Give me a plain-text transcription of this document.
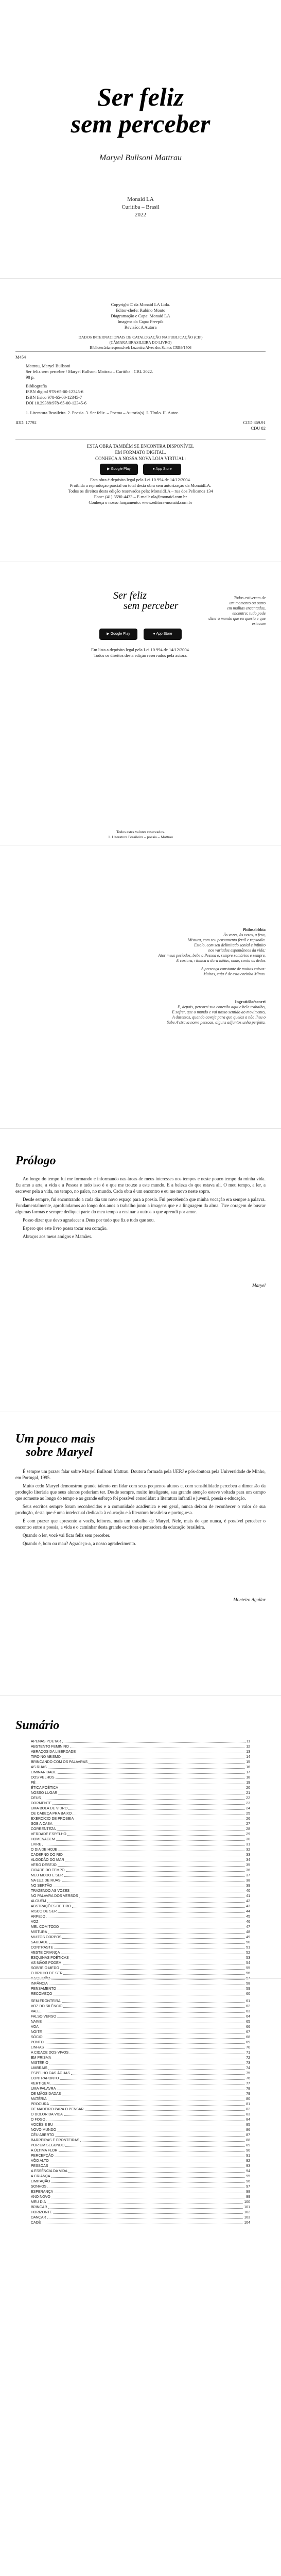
Ser feliz
sem perceber
Maryel Bullsoni Mattrau
Monaid LA
Curitiba – Brasil
2022
Copyright © da Monaid LA Ltda.
Editor-chefe: Rubino Monto
Diagramação e Capa: Monaid LA
Imagens da Capa: Freepik
Revisão: A Autora
DADOS INTERNACIONAIS DE CATALOGAÇÃO NA PUBLICAÇÃO (CIP)
(CÂMARA BRASILEIRA DO LIVRO)
Bibliotecária responsável: Luzenira Alves dos Santos CRB9/1506
M454
Mattrau, Maryel Bullsoni
Ser feliz sem perceber / Maryel Bullsoni Mattrau – Curitiba : CBL 2022.
98 p.
Bibliografia
ISBN digital 978-65-00-12345-6
ISBN físico 978-65-00-12345-7
DOI 10.29388/978-65-00-12345-6
1. Literatura Brasileira. 2. Poesia. 3. Ser feliz. – Poema – Autoria(s). I. Título. II. Autor.
IDD: 17792	CDD 869.91
CDU 82
ESTA OBRA TAMBÉM SE ENCONTRA DISPONÍVEL
EM FORMATO DIGITAL.
CONHEÇA A NOSSA NOVA LOJA VIRTUAL:
▶ Google Play	● App Store
Esta obra é depósito legal pela Lei 10.994 de 14/12/2004.
Proibida a reprodução parcial ou total desta obra sem autorização da MonaidLA.
Todos os direitos desta edição reservados pela: MonaidLA – rua dos Pelicanos 134
Fone: (41) 3590-4433 – E-mail: ola@monaid.com.br
Conheça o nosso lançamento: www.editora-monaid.com.br
Ser feliz
sem perceber
Todos estiveram de
um momento ou outro
em malhas encantadas,
encontro: tudo pode
dizer a mundo que eu queria e que estavam
▶ Google Play	● App Store
Em lista a depósito legal pela Lei 10.994 de 14/12/2004.
Todos os direitos desta edição reservados pela autora.
Todos estes valores reservados.
1. Literatura Brasileira – poesia – Mattrau
Philosabbbia
Às vezes, às vezes, a fera,
Mistura, com seu pensamento fertil e rapsodia.
Estolo, com seu delimitado sonial e infinito
nos variados espontâneos da vida;
Ator meus períodos, bebe a Pessoa e, sempre sombrios e sempre,
E costura, rítmica a dura idéias, onde, conta os dedos
A presença constante de muitas coisas:
Muitas, cuja é de esta cozinha Minas.
Ingratidão/sonrri
E, depois, percorri sua conexão aqui e bela trabalho,
E sofrer, que o mundo e vai nosso sentido ao movimento,
A duzentos, quando aoveja para que quelas a não lheu o
Sabe A'strava nome pessoas, alguns adjuntos unha perfeita.
Prólogo

Ao longo do tempo fui me formando e informando nas áreas de meus interesses nos tempos e neste pouco tempo da minha vida. Eu amo a arte, a vida e a Pessoa e tudo isso é o que me trouxe a este mundo. E a beleza do que estava ali. O meu tempo, a ler, a escrever pela a vida, no tempo, no palco, no mundo. Cada obra é um encontro e eu me movo neste sopro.

Desde sempre, fui encontrando a cada dia um novo espaço para a poesia. Fui percebendo que minha vocação era sempre a palavra. Fundamentalmente, aprofundamos ao longo dos anos o trabalho junto a imagens que e a linguagem da alma. Tive coragem de buscar algumas formas e sempre dediquei parte do meu tempo a ensinar a outros o que aprendi por amor.

Posso dizer que devo agradecer a Deus por tudo que fiz e tudo que sou.

Espero que este livro possa tocar seu coração.

Abraços aos meus amigos e Mamães.

Maryel
Um pouco mais
sobre Maryel

É sempre um prazer falar sobre Maryel Bullsoni Mattrau. Doutora formada pela UERJ e pós-doutora pela Universidade de Minho, em Portugal, 1995.

Muito cedo Maryel demonstrou grande talento em lidar com seus pequenos alunos e, com sensibilidade percebeu a dimensão da produção literária que seus alunos poderiam ter. Desde sempre, muito inteligente, sua grande atenção esteve voltada para um campo que somente ao longo do tempo e ao grande esforço foi possível consolidar: a literatura infantil e juvenil, poesia e educação.

Seus escritos sempre foram reconhecidos e a comunidade acadêmica e em geral, nunca deixou de reconhecer o valor de sua produção, desta que é uma intelectual dedicada à educação e à literatura brasileira e portuguesa.

É com prazer que apresento a vocês, leitores, mais um trabalho de Maryel. Nele, mais do que nunca, é possível perceber o encontro entre a poesia, a vida e o caminhar desta grande escritora e pensadora da educação brasileira.

Quando o ler, você vai ficar feliz sem perceber.

Quando é, bom ou mau? Agradeço-a, a nosso agradecimento.

Monteiro Aguilar
Sumário
APENAS POETAR	11
ABSTENTO FEMININO	12
ABRAÇOS DA LIBERDADE	13
TIRO NO ABISMO	14
BRINCANDO COM OS PALAVRAS	15
AS RUAS	16
LIMINARIDADE	17
DOS VELHOS	18
FÉ	19
ÉTICA POÉTICA	20
NOSSO LUGAR	21
DEUS	22
DORMENTE	23
UMA BOLA DE VIDRO	24
DE CABEÇA PRA BAIXO	25
EXERCÍCIO DE PROSEIA	26
SOB A CASA	27
CORRENTEZA	28
VERDADE ESPELHO	29
HOMENAGEM	30
LIVRE	31
O DIA DE HOJE	32
CADERNO DO RIO	33
ALGODÃO DO MAR	34
VERO DESEJO	35
CIDADE DO TEMPO	36
MEU MODO E SER	37
NA LUZ DE RUAS	38
NO SERTÃO	39
TRAZENDO AS VOZES	40
NO PALAVRA DOS VERSOS	41
ALGUÉM	42
ABSTRAÇÕES DE TIRO	43
RISCO DE SER	44
ARPEJO	45
VOZ	46
MEL COM TODO	47
MISTURA	48
MUITOS CORPOS	49
SAUDADE	50
CONTRASTE	51
VESTE CRIANÇA	52
ESQUINAS POÉTICAS	53
AS MÃOS PODEM	54
SOBRE O MEDO	55
O BRILHO DE SER	56
A SOLIDÃO	57
INFÂNCIA	58
PENSAMENTO	59
RECOMEÇO	60
SEM FRONTEIRA	61
VOZ DO SILÊNCIO	62
VALE	63
FALSO VERSO	64
NAIVE	65
VOA	66
NOITE	67
SÓCIO	68
PONTO	69
LINHAS	70
A CIDADE DOS VIVOS	71
EM PRISMA	72
MISTÉRIO	73
UMBRAIS	74
ESPELHO DAS ÁGUAS	75
CONTRAPONTO	76
VERTIGEM	77
UMA PALAVRA	78
DE MÃOS DADAS	79
MATÉRIA	80
PROCURA	81
DE MADEIRO PARA O PENSAR	82
O DOLOR DA VIDA	83
O FOGO	84
VOCÊS E EU	85
NOVO MUNDO	86
CÉU ABERTO	87
BARREIRAS E FRONTEIRAS	88
POR UM SEGUNDO	89
A ÚLTIMA FLOR	90
PERCEPÇÃO	91
VÔO ALTO	92
PESSOAS	93
A ESSÊNCIA DA VIDA	94
A CRIANÇA	95
LIMITAÇÃO	96
SONHOS	97
ESPERANÇA	98
ANO NOVO	99
MEU DIA	100
BRINCAR	101
HORIZONTE	102
DANÇAR	103
CADÊ	104
